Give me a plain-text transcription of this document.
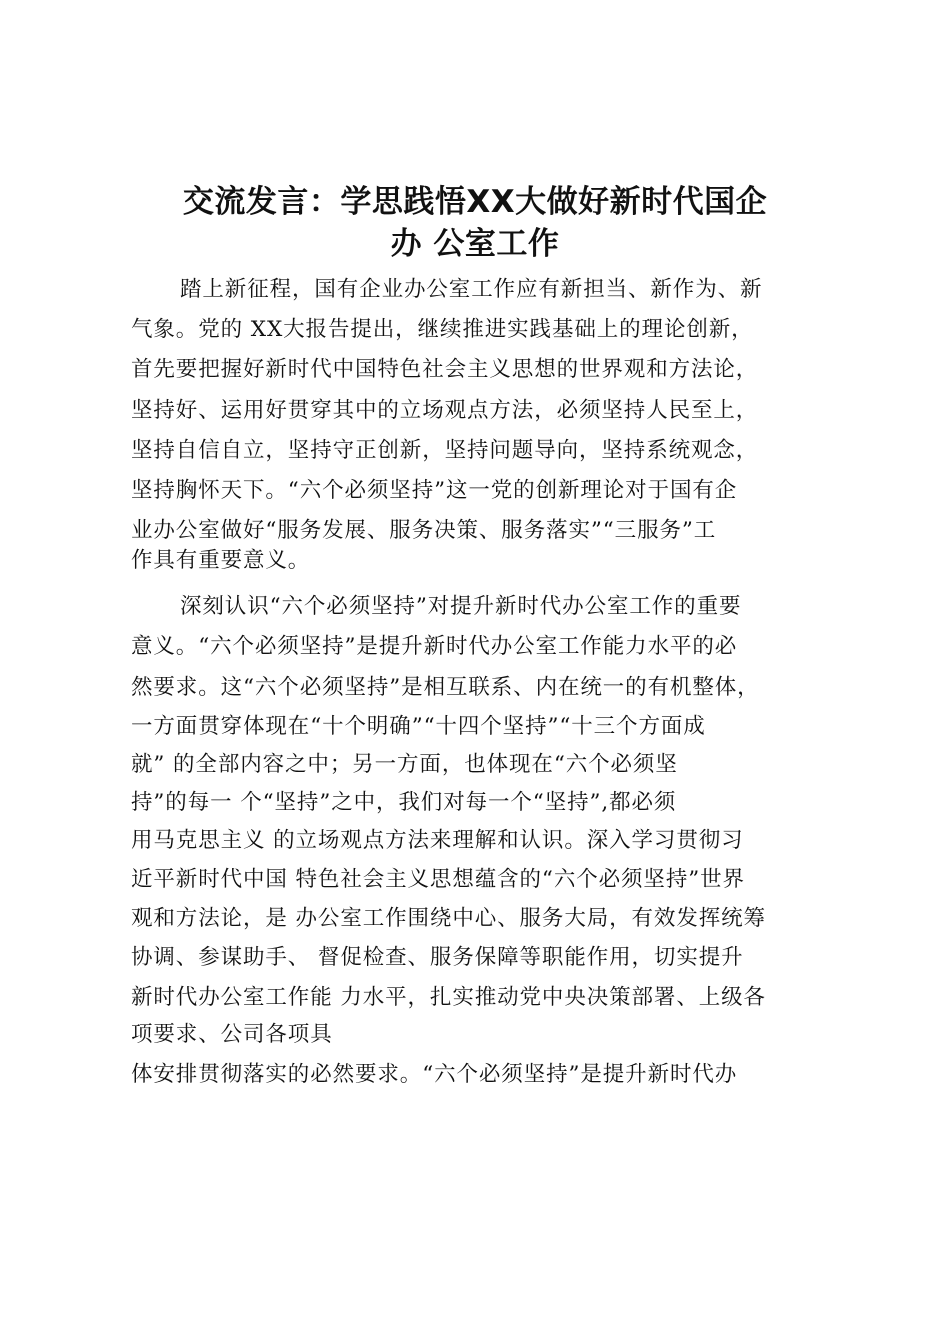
交流发言：学思践悟XX大做好新时代国企
办 公室工作
踏上新征程，国有企业办公室工作应有新担当、新作为、新
气象。党的 XX大报告提出，继续推进实践基础上的理论创新，
首先要把握好新时代中国特色社会主义思想的世界观和方法论，
坚持好、运用好贯穿其中的立场观点方法，必须坚持人民至上，
坚持自信自立，坚持守正创新，坚持问题导向，坚持系统观念，
坚持胸怀天下。“六个必须坚持”这一党的创新理论对于国有企
业办公室做好“服务发展、服务决策、服务落实”“三服务”工
作具有重要意义。
深刻认识“六个必须坚持”对提升新时代办公室工作的重要
意义。“六个必须坚持”是提升新时代办公室工作能力水平的必
然要求。这“六个必须坚持”是相互联系、内在统一的有机整体，
一方面贯穿体现在“十个明确”“十四个坚持”“十三个方面成
就” 的全部内容之中；另一方面，也体现在“六个必须坚
持”的每一 个“坚持”之中，我们对每一个“坚持”,都必须
用马克思主义 的立场观点方法来理解和认识。深入学习贯彻习
近平新时代中国 特色社会主义思想蕴含的“六个必须坚持”世界
观和方法论，是 办公室工作围绕中心、服务大局，有效发挥统筹
协调、参谋助手、 督促检查、服务保障等职能作用，切实提升
新时代办公室工作能 力水平，扎实推动党中央决策部署、上级各
项要求、公司各项具
体安排贯彻落实的必然要求。“六个必须坚持”是提升新时代办
